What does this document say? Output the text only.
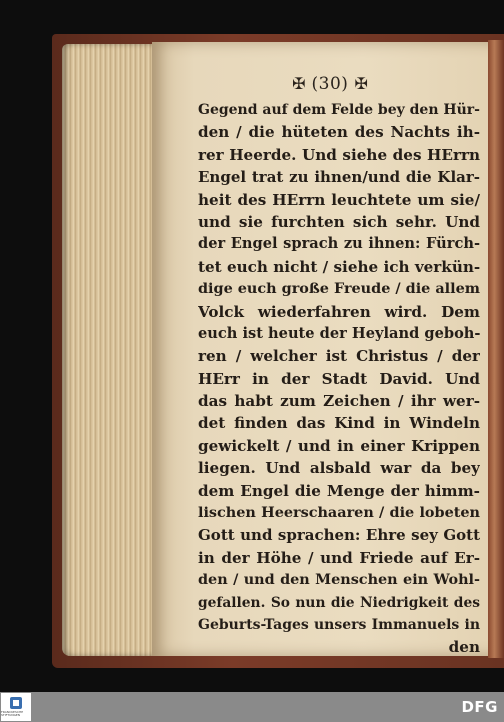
✠ (30) ✠
Gegend auf dem Felde bey den Hür-
den / die hüteten des Nachts ih-
rer Heerde. Und siehe des HErrn
Engel trat zu ihnen/und die Klar-
heit des HErrn leuchtete um sie/
und sie furchten sich sehr. Und
der Engel sprach zu ihnen: Fürch-
tet euch nicht / siehe ich verkün-
dige euch große Freude / die allem
Volck wiederfahren wird. Dem
euch ist heute der Heyland geboh-
ren / welcher ist Christus / der
HErr in der Stadt David. Und
das habt zum Zeichen / ihr wer-
det finden das Kind in Windeln
gewickelt / und in einer Krippen
liegen. Und alsbald war da bey
dem Engel die Menge der himm-
lischen Heerschaaren / die lobeten
Gott und sprachen: Ehre sey Gott
in der Höhe / und Friede auf Er-
den / und den Menschen ein Wohl-
gefallen. So nun die Niedrigkeit des
Geburts-Tages unsers Immanuels in
den
FRANCKESCHE STIFTUNGEN	DFG
